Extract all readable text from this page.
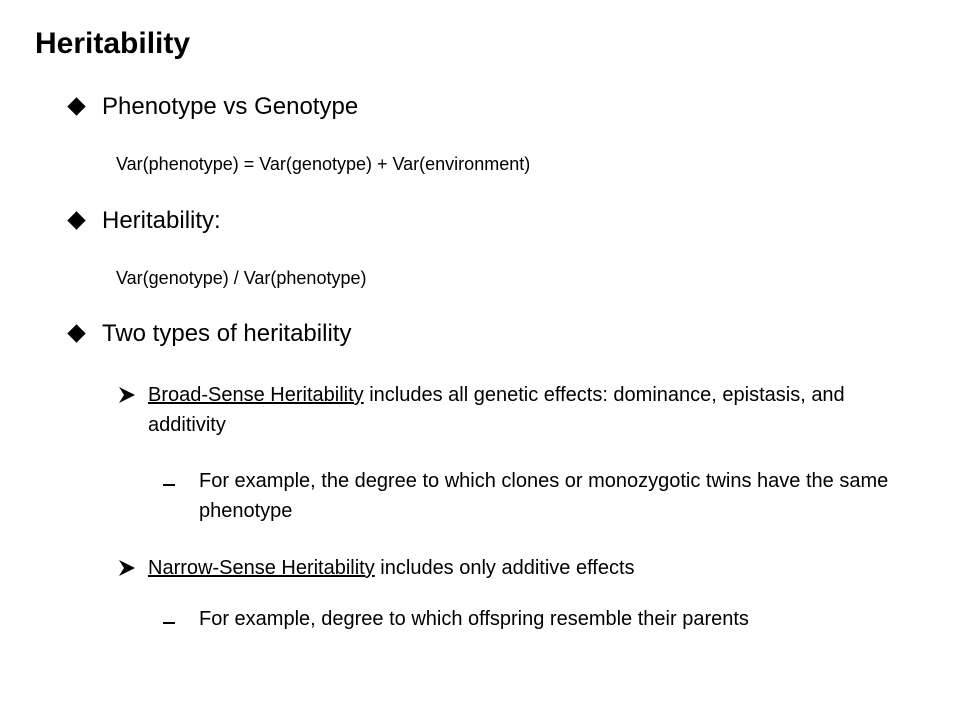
Heritability
Phenotype vs Genotype
Var(phenotype) = Var(genotype) + Var(environment)
Heritability:
Var(genotype) / Var(phenotype)
Two types of heritability
Broad-Sense Heritability includes all genetic effects: dominance, epistasis, and additivity
For example, the degree to which clones or monozygotic twins have the same phenotype
Narrow-Sense Heritability includes only additive effects
For example, degree to which offspring resemble their parents
